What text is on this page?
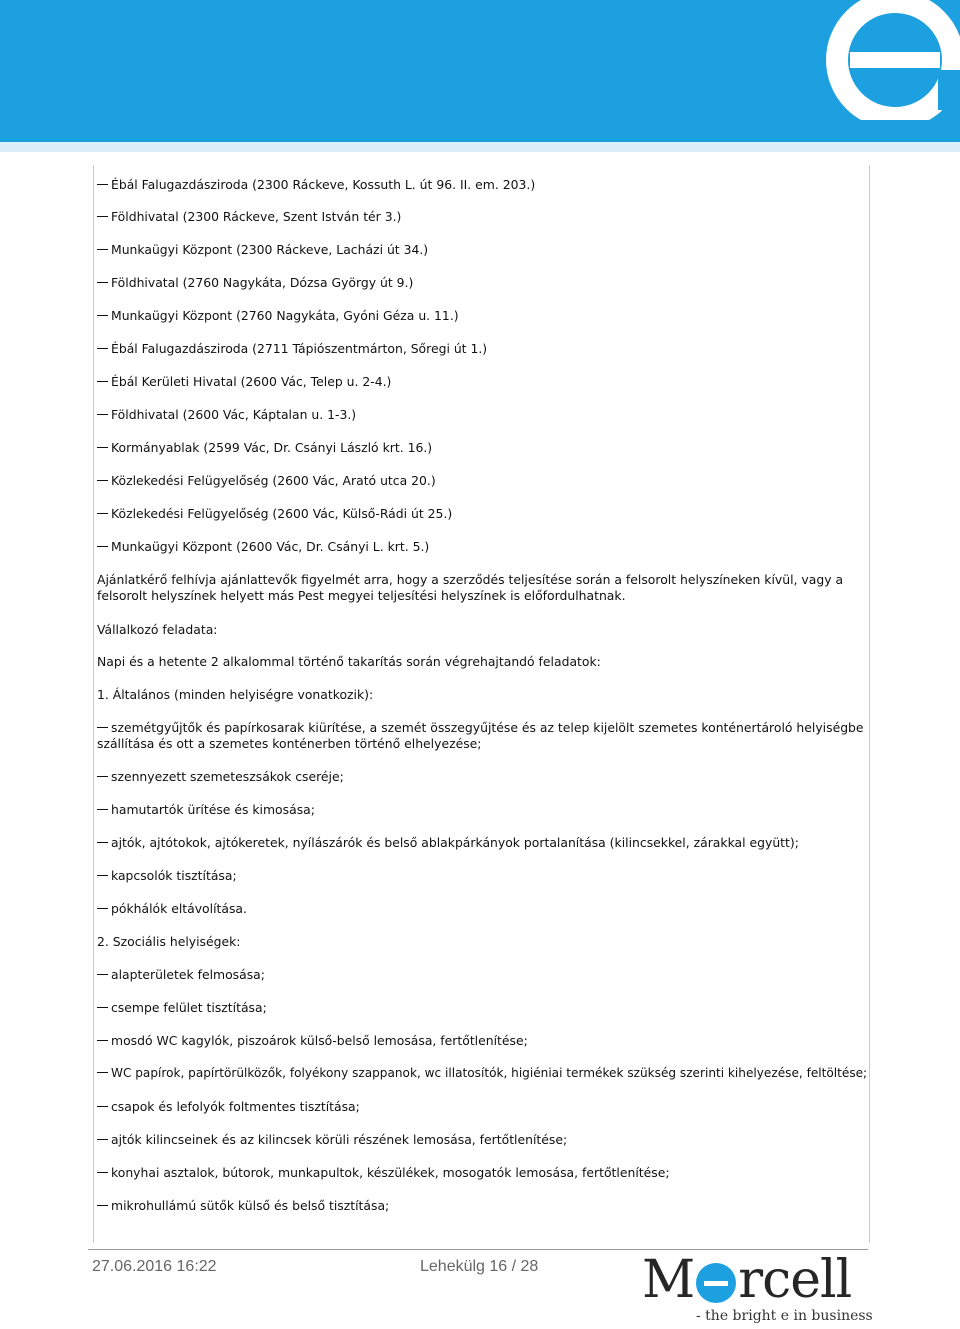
Ébál Falugazdásziroda (2300 Ráckeve, Kossuth L. út 96. II. em. 203.)
Földhivatal (2300 Ráckeve, Szent István tér 3.)
Munkaügyi Központ (2300 Ráckeve, Lacházi út 34.)
Földhivatal (2760 Nagykáta, Dózsa György út 9.)
Munkaügyi Központ (2760 Nagykáta, Gyóni Géza u. 11.)
Ébál Falugazdásziroda (2711 Tápiószentmárton, Sőregi út 1.)
Ébál Kerületi Hivatal (2600 Vác, Telep u. 2-4.)
Földhivatal (2600 Vác, Káptalan u. 1-3.)
Kormányablak (2599 Vác, Dr. Csányi László krt. 16.)
Közlekedési Felügyelőség (2600 Vác, Arató utca 20.)
Közlekedési Felügyelőség (2600 Vác, Külső-Rádi út 25.)
Munkaügyi Központ (2600 Vác, Dr. Csányi L. krt. 5.)
Ajánlatkérő felhívja ajánlattevők figyelmét arra, hogy a szerződés teljesítése során a felsorolt helyszíneken kívül, vagy a felsorolt helyszínek helyett más Pest megyei teljesítési helyszínek is előfordulhatnak.
Vállalkozó feladata:
Napi és a hetente 2 alkalommal történő takarítás során végrehajtandó feladatok:
1. Általános (minden helyiségre vonatkozik):
szemétgyűjtők és papírkosarak kiürítése, a szemét összegyűjtése és az telep kijelölt szemetes konténertároló helyiségbe szállítása és ott a szemetes konténerben történő elhelyezése;
szennyezett szemeteszsákok cseréje;
hamutartók ürítése és kimosása;
ajtók, ajtótokok, ajtókeretek, nyílászárók és belső ablakpárkányok portalanítása (kilincsekkel, zárakkal együtt);
kapcsolók tisztítása;
pókhálók eltávolítása.
2. Szociális helyiségek:
alapterületek felmosása;
csempe felület tisztítása;
mosdó WC kagylók, piszoárok külső-belső lemosása, fertőtlenítése;
WC papírok, papírtörülközők, folyékony szappanok, wc illatosítók, higiéniai termékek szükség szerinti kihelyezése, feltöltése;
csapok és lefolyók foltmentes tisztítása;
ajtók kilincseinek és az kilincsek körüli részének lemosása, fertőtlenítése;
konyhai asztalok, bútorok, munkapultok, készülékek, mosogatók lemosása, fertőtlenítése;
mikrohullámú sütők külső és belső tisztítása;
27.06.2016 16:22	Lehekülg 16 / 28 M rcell
- the bright e in business
